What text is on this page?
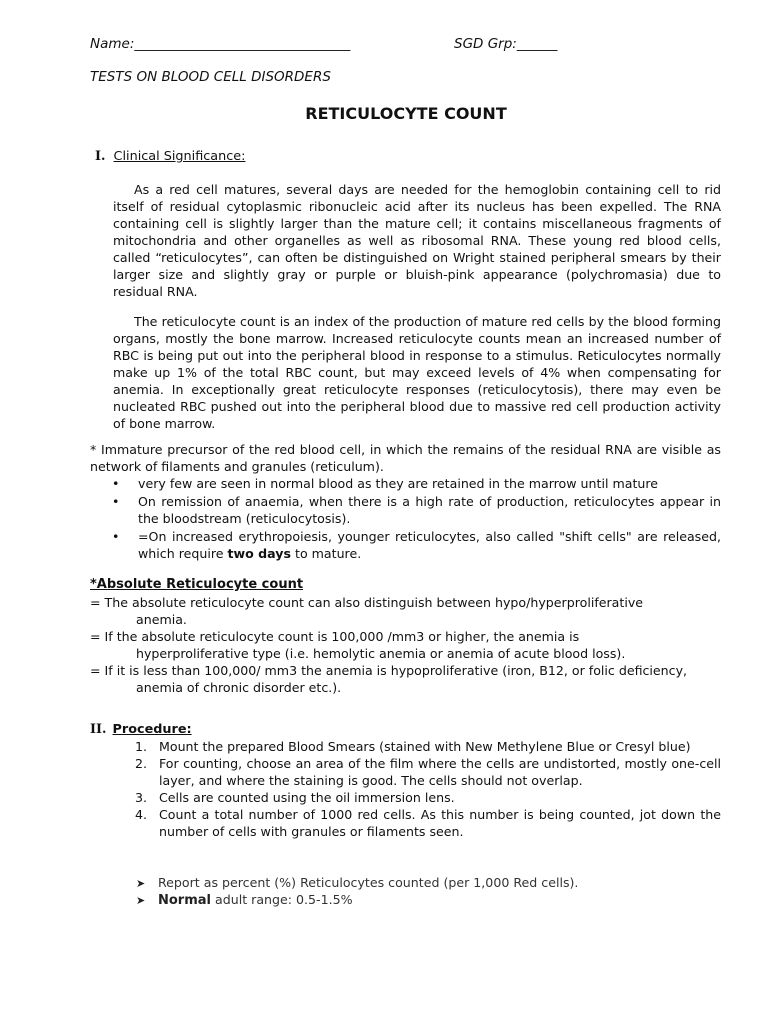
Name:________________________________	SGD Grp:______
TESTS ON BLOOD CELL DISORDERS
RETICULOCYTE COUNT
I. Clinical Significance:
As a red cell matures, several days are needed for the hemoglobin containing cell to rid itself of residual cytoplasmic ribonucleic acid after its nucleus has been expelled. The RNA containing cell is slightly larger than the mature cell; it contains miscellaneous fragments of mitochondria and other organelles as well as ribosomal RNA. These young red blood cells, called “reticulocytes”, can often be distinguished on Wright stained peripheral smears by their larger size and slightly gray or purple or bluish-pink appearance (polychromasia) due to residual RNA.
The reticulocyte count is an index of the production of mature red cells by the blood forming organs, mostly the bone marrow. Increased reticulocyte counts mean an increased number of RBC is being put out into the peripheral blood in response to a stimulus. Reticulocytes normally make up 1% of the total RBC count, but may exceed levels of 4% when compensating for anemia. In exceptionally great reticulocyte responses (reticulocytosis), there may even be nucleated RBC pushed out into the peripheral blood due to massive red cell production activity of bone marrow.
* Immature precursor of the red blood cell, in which the remains of the residual RNA are visible as network of filaments and granules (reticulum).
•	very few are seen in normal blood as they are retained in the marrow until mature
•	On remission of anaemia, when there is a high rate of production, reticulocytes appear in the bloodstream (reticulocytosis).
•	=On increased erythropoiesis, younger reticulocytes, also called "shift cells" are released, which require two days to mature.
*Absolute Reticulocyte count
= The absolute reticulocyte count can also distinguish between hypo/hyperproliferative anemia.
= If the absolute reticulocyte count is 100,000 /mm3 or higher, the anemia is hyperproliferative type (i.e. hemolytic anemia or anemia of acute blood loss).
= If it is less than 100,000/ mm3 the anemia is hypoproliferative (iron, B12, or folic deficiency, anemia of chronic disorder etc.).
II. Procedure:
1. Mount the prepared Blood Smears (stained with New Methylene Blue or Cresyl blue)
2. For counting, choose an area of the film where the cells are undistorted, mostly one-cell layer, and where the staining is good. The cells should not overlap.
3. Cells are counted using the oil immersion lens.
4. Count a total number of 1000 red cells. As this number is being counted, jot down the number of cells with granules or filaments seen.
➤ Report as percent (%) Reticulocytes counted (per 1,000 Red cells).
➤ Normal adult range: 0.5-1.5%
